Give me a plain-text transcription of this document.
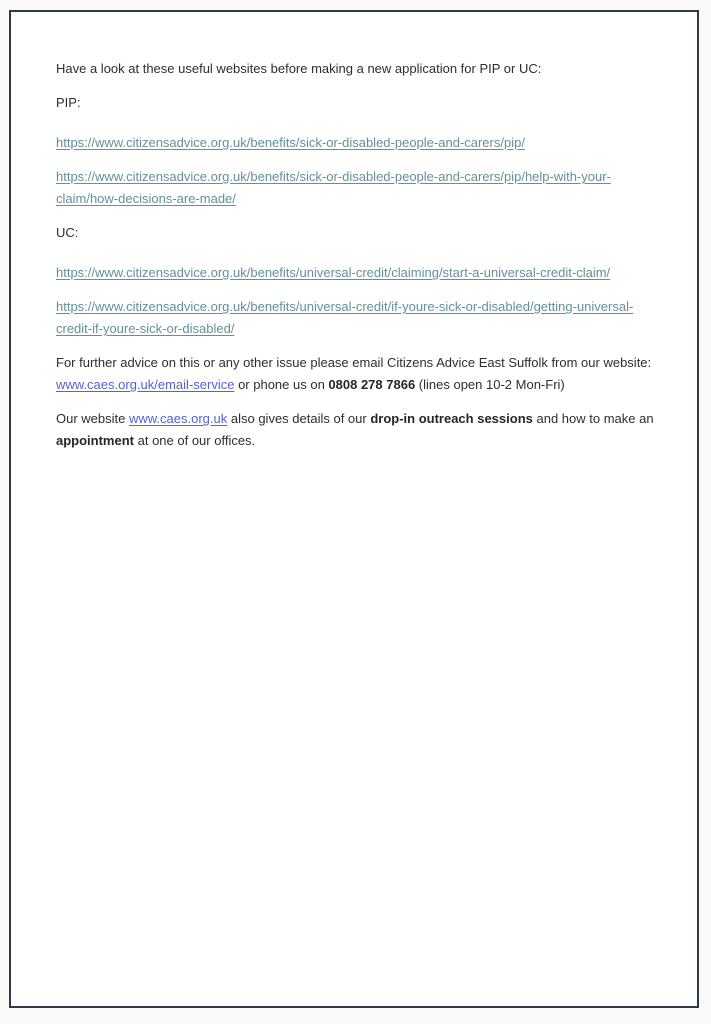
Have a look at these useful websites before making a new application for PIP or UC:

PIP:

https://www.citizensadvice.org.uk/benefits/sick-or-disabled-people-and-carers/pip/

https://www.citizensadvice.org.uk/benefits/sick-or-disabled-people-and-carers/pip/help-with-your-claim/how-decisions-are-made/

UC:

https://www.citizensadvice.org.uk/benefits/universal-credit/claiming/start-a-universal-credit-claim/

https://www.citizensadvice.org.uk/benefits/universal-credit/if-youre-sick-or-disabled/getting-universal-credit-if-youre-sick-or-disabled/

For further advice on this or any other issue please email Citizens Advice East Suffolk from our website: www.caes.org.uk/email-service or phone us on 0808 278 7866 (lines open 10-2 Mon-Fri)

Our website www.caes.org.uk also gives details of our drop-in outreach sessions and how to make an appointment at one of our offices.
